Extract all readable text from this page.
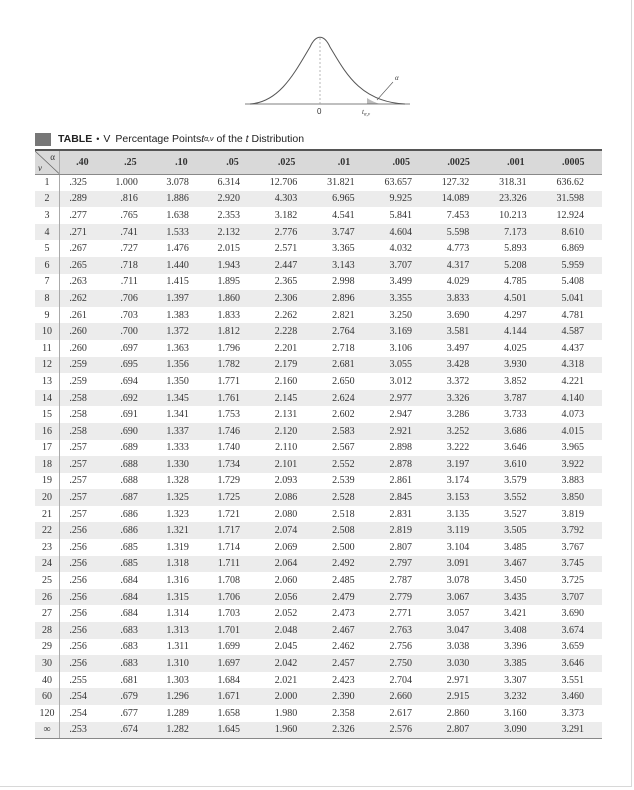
0	$t_{\alpha,\nu}$
α
TABLE • V Percentage Points t α,ν of the t Distribution
α
ν	.40	.25	.10	.05	.025	.01	.005	.0025	.001	.0005
1	.325	1.000	3.078	6.314	12.706	31.821	63.657	127.32	318.31	636.62
2	.289	.816	1.886	2.920	4.303	6.965	9.925	14.089	23.326	31.598
3	.277	.765	1.638	2.353	3.182	4.541	5.841	7.453	10.213	12.924
4	.271	.741	1.533	2.132	2.776	3.747	4.604	5.598	7.173	8.610
5	.267	.727	1.476	2.015	2.571	3.365	4.032	4.773	5.893	6.869
6	.265	.718	1.440	1.943	2.447	3.143	3.707	4.317	5.208	5.959
7	.263	.711	1.415	1.895	2.365	2.998	3.499	4.029	4.785	5.408
8	.262	.706	1.397	1.860	2.306	2.896	3.355	3.833	4.501	5.041
9	.261	.703	1.383	1.833	2.262	2.821	3.250	3.690	4.297	4.781
10	.260	.700	1.372	1.812	2.228	2.764	3.169	3.581	4.144	4.587
11	.260	.697	1.363	1.796	2.201	2.718	3.106	3.497	4.025	4.437
12	.259	.695	1.356	1.782	2.179	2.681	3.055	3.428	3.930	4.318
13	.259	.694	1.350	1.771	2.160	2.650	3.012	3.372	3.852	4.221
14	.258	.692	1.345	1.761	2.145	2.624	2.977	3.326	3.787	4.140
15	.258	.691	1.341	1.753	2.131	2.602	2.947	3.286	3.733	4.073
16	.258	.690	1.337	1.746	2.120	2.583	2.921	3.252	3.686	4.015
17	.257	.689	1.333	1.740	2.110	2.567	2.898	3.222	3.646	3.965
18	.257	.688	1.330	1.734	2.101	2.552	2.878	3.197	3.610	3.922
19	.257	.688	1.328	1.729	2.093	2.539	2.861	3.174	3.579	3.883
20	.257	.687	1.325	1.725	2.086	2.528	2.845	3.153	3.552	3.850
21	.257	.686	1.323	1.721	2.080	2.518	2.831	3.135	3.527	3.819
22	.256	.686	1.321	1.717	2.074	2.508	2.819	3.119	3.505	3.792
23	.256	.685	1.319	1.714	2.069	2.500	2.807	3.104	3.485	3.767
24	.256	.685	1.318	1.711	2.064	2.492	2.797	3.091	3.467	3.745
25	.256	.684	1.316	1.708	2.060	2.485	2.787	3.078	3.450	3.725
26	.256	.684	1.315	1.706	2.056	2.479	2.779	3.067	3.435	3.707
27	.256	.684	1.314	1.703	2.052	2.473	2.771	3.057	3.421	3.690
28	.256	.683	1.313	1.701	2.048	2.467	2.763	3.047	3.408	3.674
29	.256	.683	1.311	1.699	2.045	2.462	2.756	3.038	3.396	3.659
30	.256	.683	1.310	1.697	2.042	2.457	2.750	3.030	3.385	3.646
40	.255	.681	1.303	1.684	2.021	2.423	2.704	2.971	3.307	3.551
60	.254	.679	1.296	1.671	2.000	2.390	2.660	2.915	3.232	3.460
120	.254	.677	1.289	1.658	1.980	2.358	2.617	2.860	3.160	3.373
∞	.253	.674	1.282	1.645	1.960	2.326	2.576	2.807	3.090	3.291
